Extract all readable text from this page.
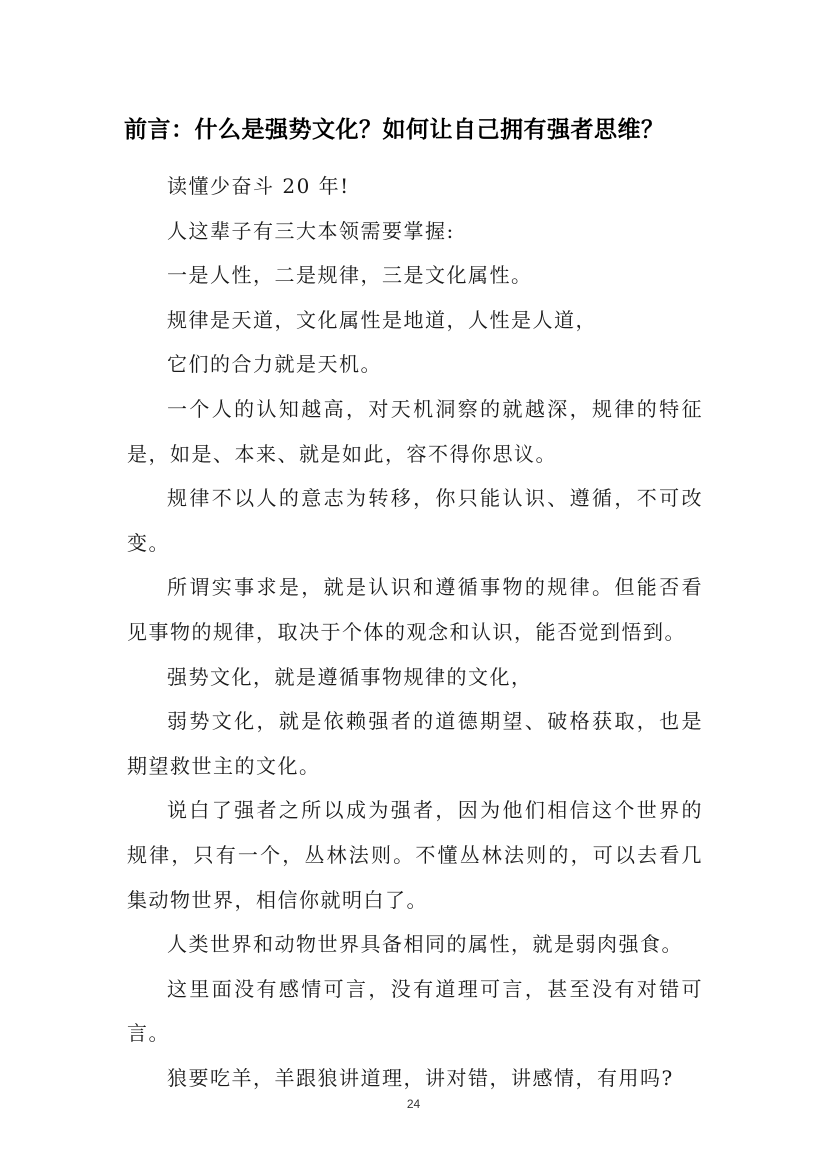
前言：什么是强势文化？如何让自己拥有强者思维？

读懂少奋斗 20 年!

人这辈子有三大本领需要掌握:

一是人性，二是规律，三是文化属性。

规律是天道，文化属性是地道，人性是人道，

它们的合力就是天机。

一个人的认知越高，对天机洞察的就越深，规律的特征是，如是、本来、就是如此，容不得你思议。

规律不以人的意志为转移，你只能认识、遵循，不可改变。

所谓实事求是，就是认识和遵循事物的规律。但能否看见事物的规律，取决于个体的观念和认识，能否觉到悟到。

强势文化，就是遵循事物规律的文化，

弱势文化，就是依赖强者的道德期望、破格获取，也是期望救世主的文化。

说白了强者之所以成为强者，因为他们相信这个世界的规律，只有一个，丛林法则。不懂丛林法则的，可以去看几集动物世界，相信你就明白了。

人类世界和动物世界具备相同的属性，就是弱肉强食。

这里面没有感情可言，没有道理可言，甚至没有对错可言。

狼要吃羊，羊跟狼讲道理，讲对错，讲感情，有用吗?

24
